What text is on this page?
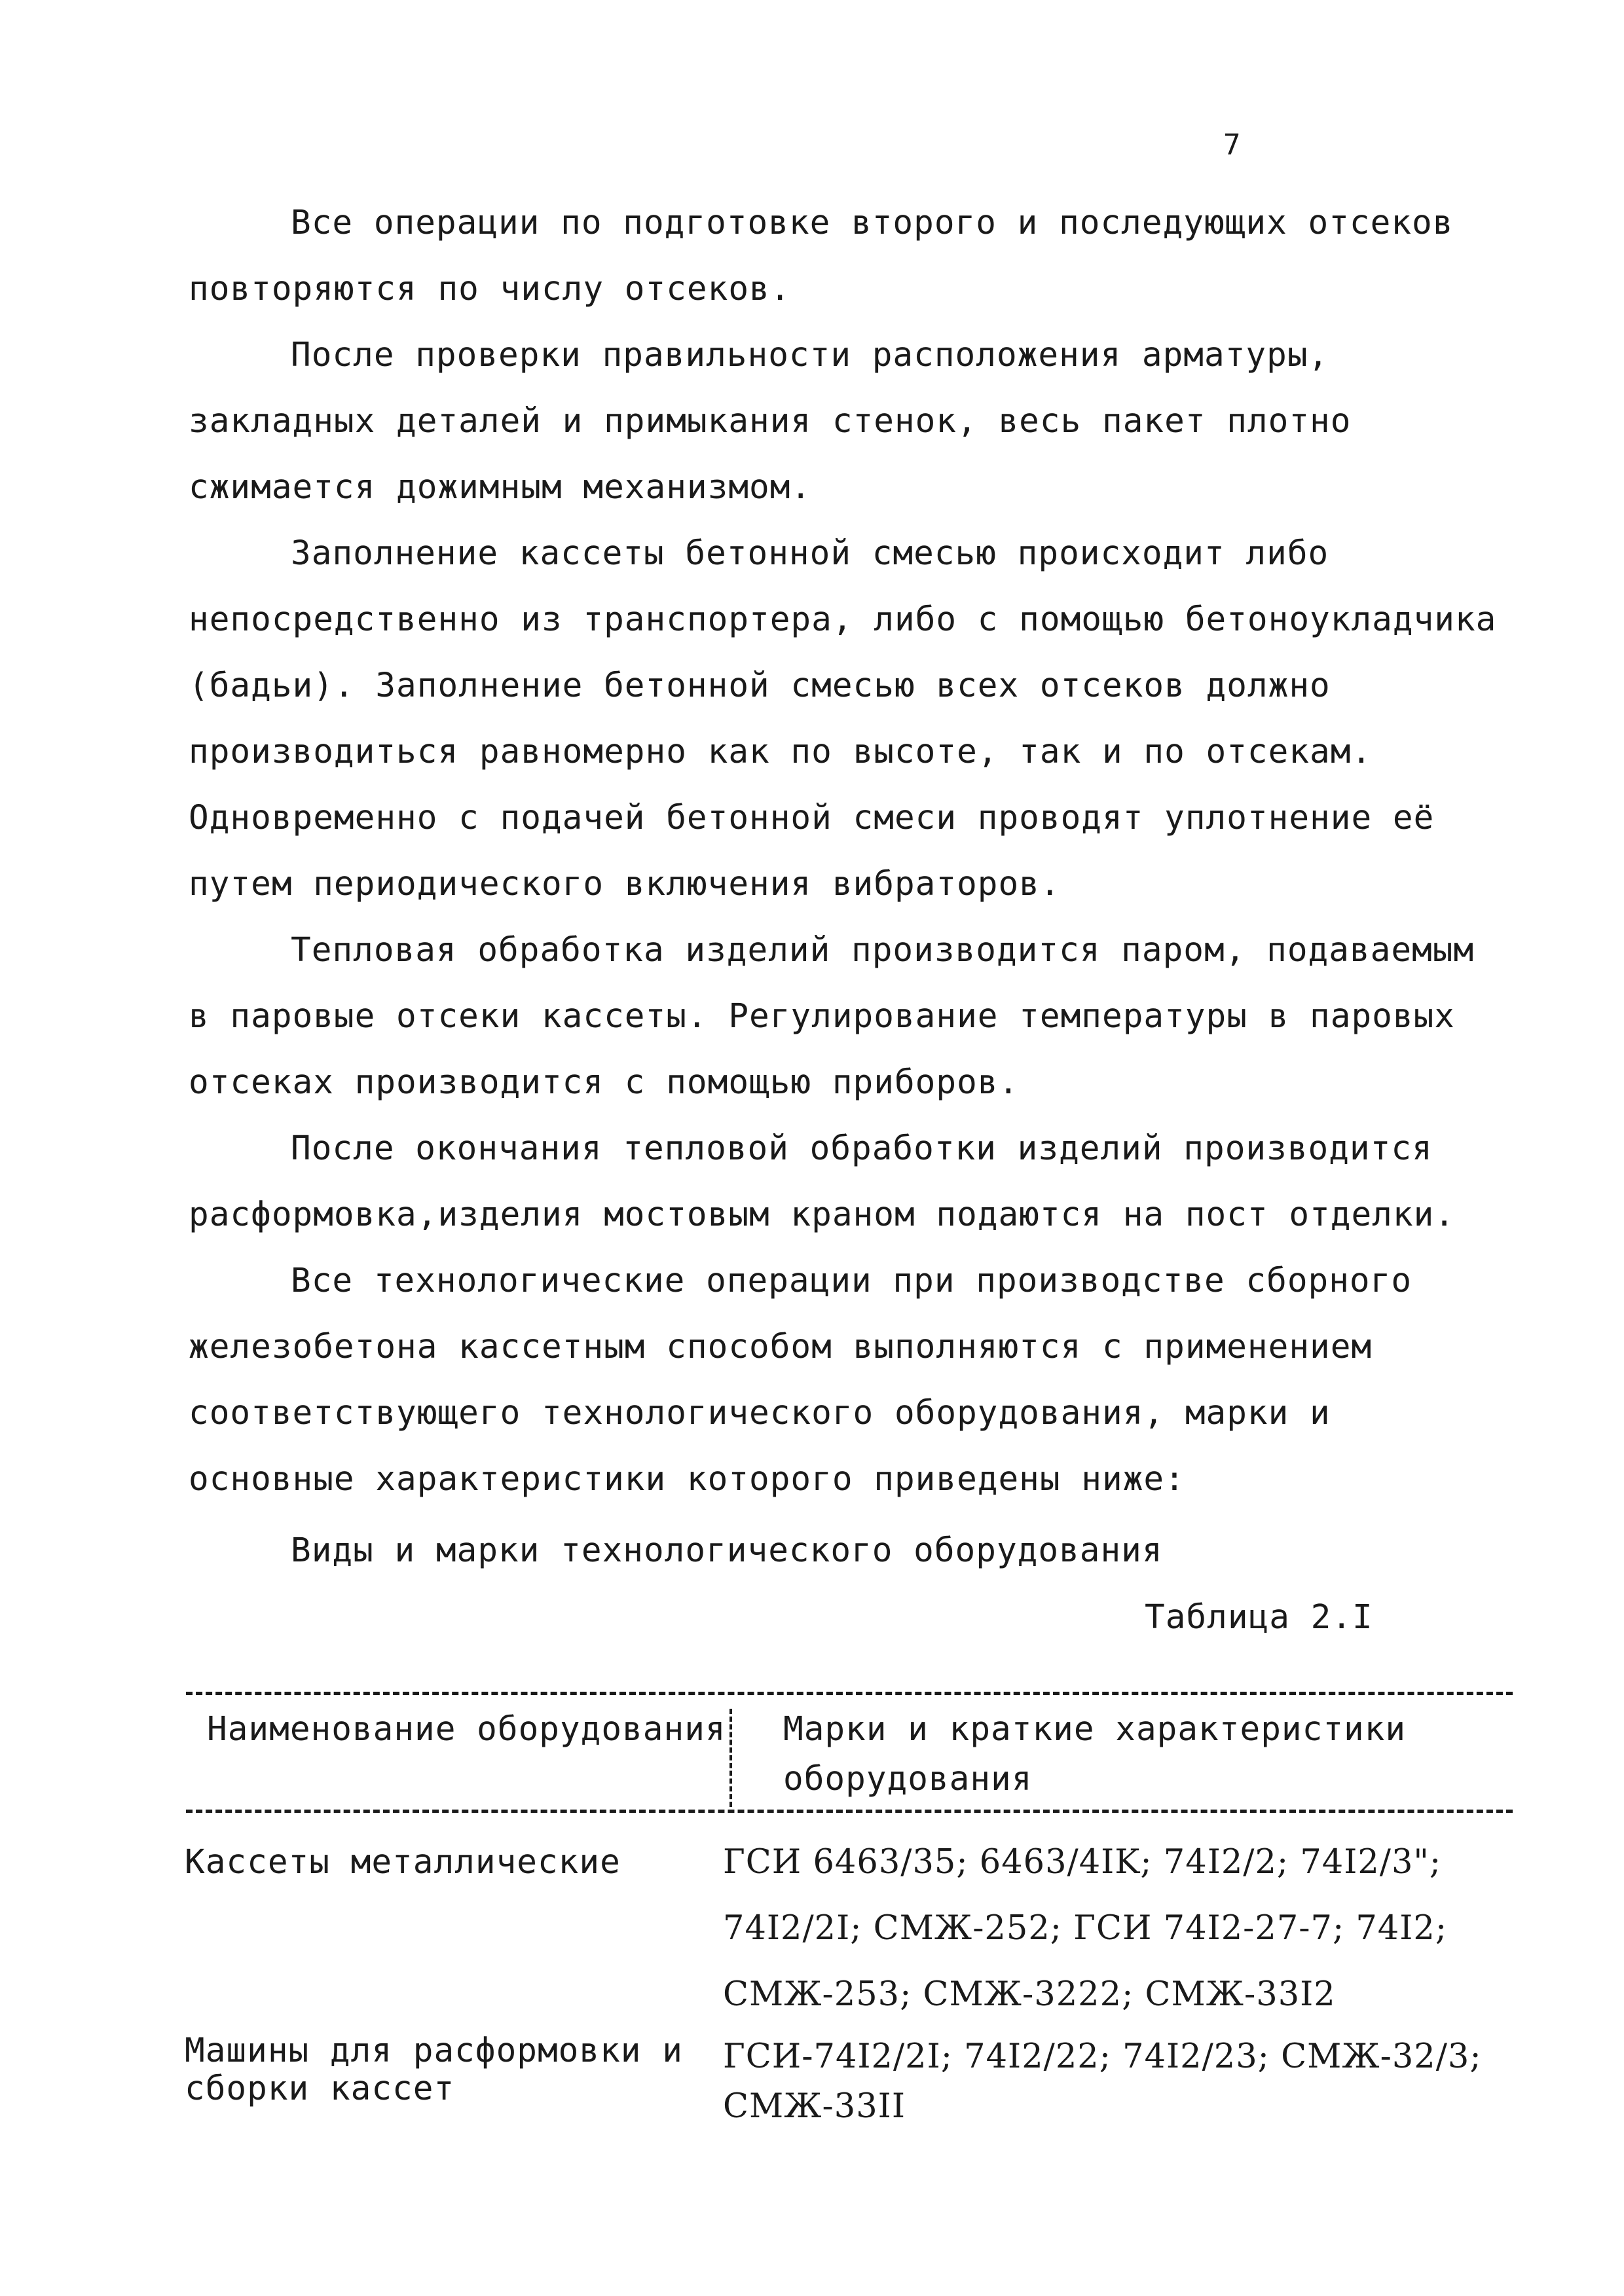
7

Все операции по подготовке второго и последующих отсеков повторяются по числу отсеков.

После проверки правильности расположения арматуры, закладных деталей и примыкания стенок, весь пакет плотно сжимается дожимным механизмом.

Заполнение кассеты бетонной смесью происходит либо непосредственно из транспортера, либо с помощью бетоноукладчика (бадьи). Заполнение бетонной смесью всех отсеков должно производиться равномерно как по высоте, так и по отсекам. Одновременно с подачей бетонной смеси проводят уплотнение её путем периодического включения вибраторов.

Тепловая обработка изделий производится паром, подаваемым в паровые отсеки кассеты. Регулирование температуры в паровых отсеках производится с помощью приборов.

После окончания тепловой обработки изделий производится расформовка,изделия мостовым краном подаются на пост отделки.

Все технологические операции при производстве сборного железобетона кассетным способом выполняются с применением соответствующего технологического оборудования, марки и основные характеристики которого приведены ниже:

Виды и марки технологического оборудования
Таблица 2.I
Наименование оборудования Марки и краткие характеристики оборудования
Кассеты металлические	ГСИ 6463/35; 6463/4IK; 74I2/2; 74I2/3"; 74I2/2I; СМЖ-252; ГСИ 74I2-27-7; 74I2; СМЖ-253; СМЖ-3222; СМЖ-33I2
Машины для расформовки и сборки кассет
ГСИ-74I2/2I; 74I2/22; 74I2/23; СМЖ-32/3; СМЖ-33II
